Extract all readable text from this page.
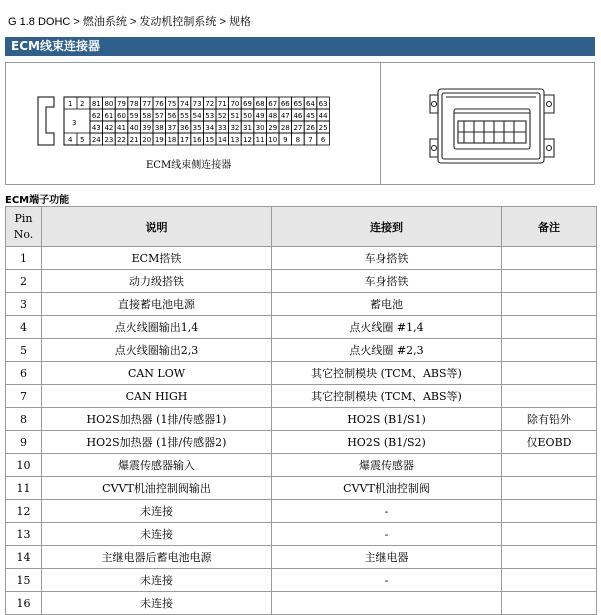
G 1.8 DOHC > 燃油系统 > 发动机控制系统 > 规格
ECM线束连接器
1 2
3
4 5
81 80 79 78 77 76 75 74 73 72 71 70 69 68 67 66 65 64 63
62 61 60 59 58 57 56 55 54 53 52 51 50 49 48 47 46 45 44
43 42 41 40 39 38 37 36 35 34 33 32 31 30 29 28 27 26 25
24 23 22 21 20 19 18 17 16 15 14 13 12 11 10 9 8 7 6
ECM线束侧连接器
ECM端子功能
Pin
No.	说明	连接到	备注
1	ECM搭铁	车身搭铁	
2	动力级搭铁	车身搭铁	
3	直接蓄电池电源	蓄电池	
4	点火线圈输出1,4	点火线圈 #1,4	
5	点火线圈输出2,3	点火线圈 #2,3	
6	CAN LOW	其它控制模块 (TCM、ABS等)	
7	CAN HIGH	其它控制模块 (TCM、ABS等)	
8	HO2S加热器 (1排/传感器1)	HO2S (B1/S1)	除有铅外
9	HO2S加热器 (1排/传感器2)	HO2S (B1/S2)	仅EOBD
10	爆震传感器输入	爆震传感器	
11	CVVT机油控制阀输出	CVVT机油控制阀	
12	未连接	-	
13	未连接	-	
14	主继电器后蓄电池电源	主继电器	
15	未连接	-	
16	未连接		
